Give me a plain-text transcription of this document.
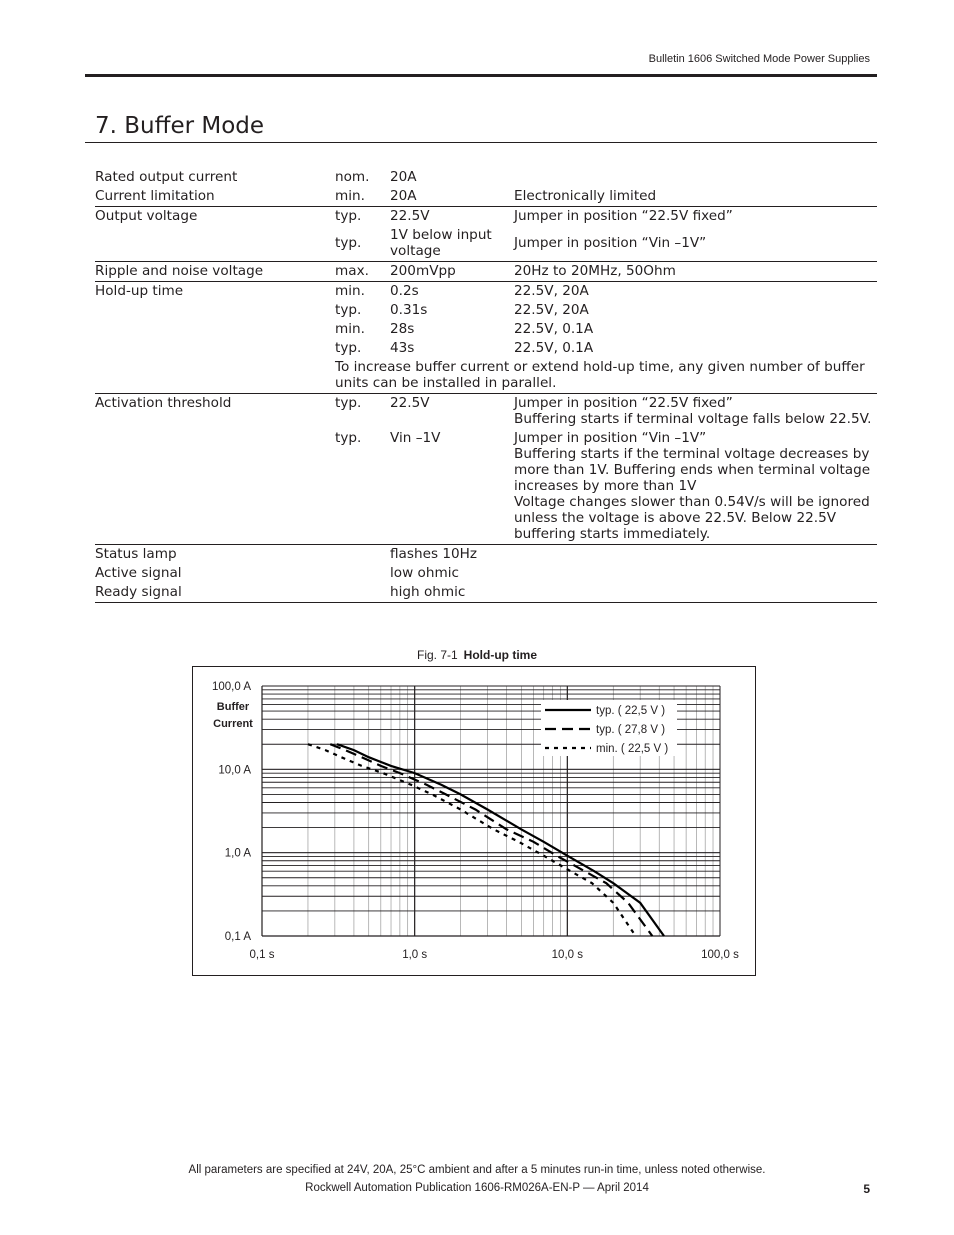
Bulletin 1606 Switched Mode Power Supplies
7. Buffer Mode
Rated output current	nom.	20A	
Current limitation	min.	20A	Electronically limited
Output voltage	typ.	22.5V	Jumper in position “22.5V fixed”
	typ.	1V below input voltage	Jumper in position “Vin –1V”
Ripple and noise voltage	max.	200mVpp	20Hz to 20MHz, 50Ohm
Hold-up time	min.	0.2s	22.5V, 20A
	typ.	0.31s	22.5V, 20A
	min.	28s	22.5V, 0.1A
	typ.	43s	22.5V, 0.1A
	To increase buffer current or extend hold-up time, any given number of buffer units can be installed in parallel.		
Activation threshold	typ.	22.5V	Jumper in position “22.5V fixed”
Buffering starts if terminal voltage falls below 22.5V.

	typ.	Vin –1V	Jumper in position “Vin –1V”
Buffering starts if the terminal voltage decreases by more than 1V. Buffering ends when terminal voltage increases by more than 1V
Voltage changes slower than 0.54V/s will be ignored unless the voltage is above 22.5V. Below 22.5V buffering starts immediately.

Status lamp		flashes 10Hz	
Active signal		low ohmic	
Ready signal		high ohmic	
Fig. 7-1 Hold-up time
0,1 s	1,0 s	10,0 s	100,0 s
0,1 A
1,0 A
10,0 A
100,0 A
Buffer
Current
typ. ( 22,5 V )
typ. ( 27,8 V )
min. ( 22,5 V )
All parameters are specified at 24V, 20A, 25°C ambient and after a 5 minutes run-in time, unless noted otherwise.
Rockwell Automation Publication 1606-RM026A-EN-P — April 2014	5
